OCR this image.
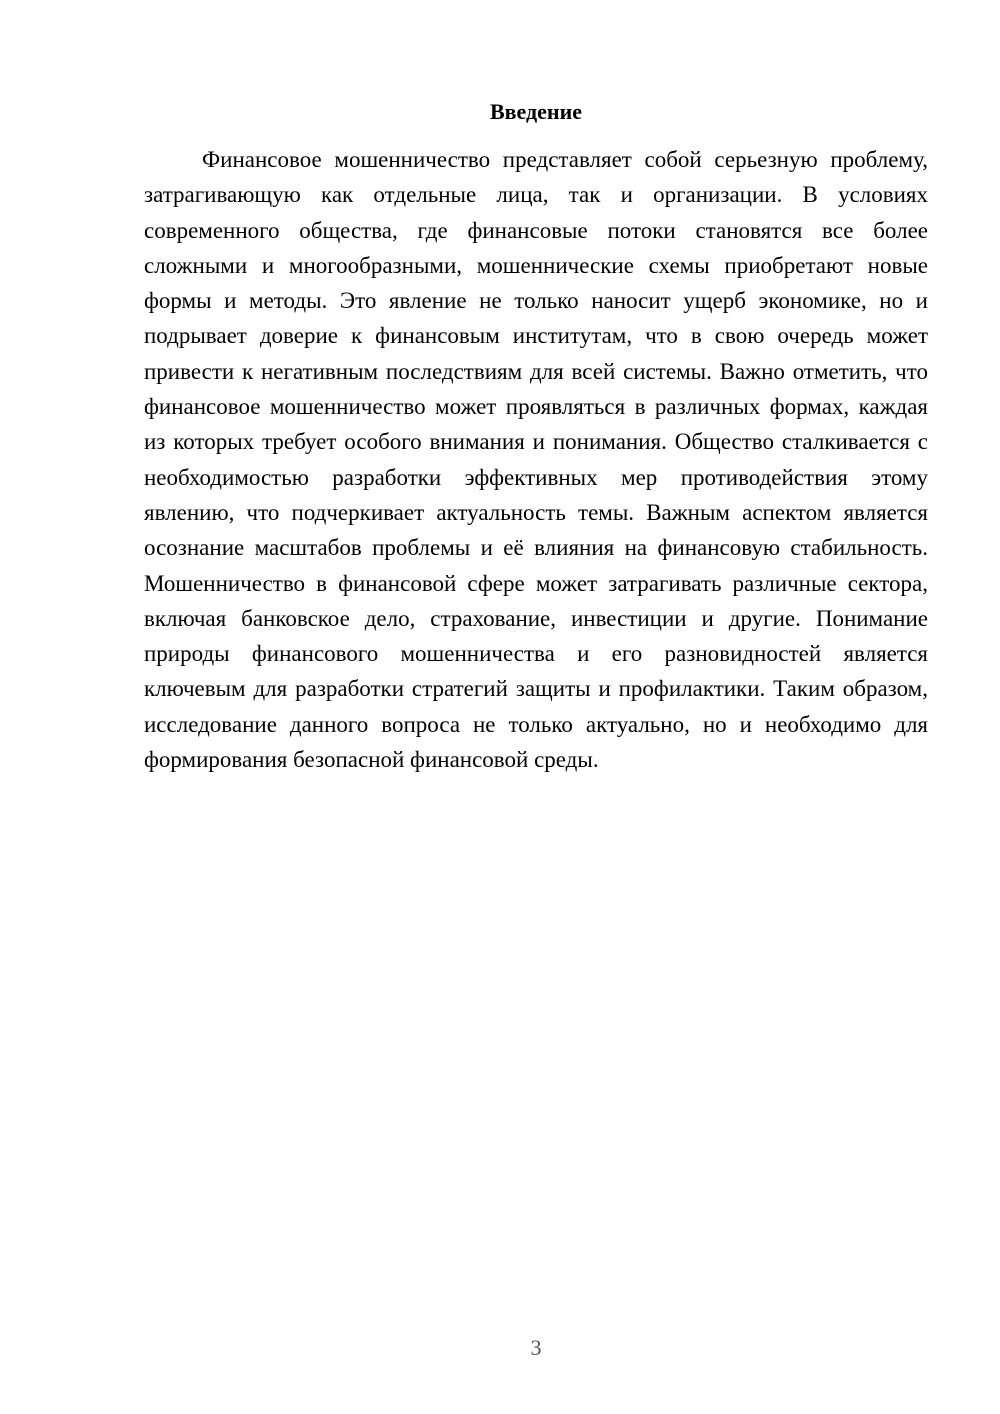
Введение

Финансовое мошенничество представляет собой серьезную проблему, затрагивающую как отдельные лица, так и организации. В условиях современного общества, где финансовые потоки становятся все более сложными и многообразными, мошеннические схемы приобретают новые формы и методы. Это явление не только наносит ущерб экономике, но и подрывает доверие к финансовым институтам, что в свою очередь может привести к негативным последствиям для всей системы. Важно отметить, что финансовое мошенничество может проявляться в различных формах, каждая из которых требует особого внимания и понимания. Общество сталкивается с необходимостью разработки эффективных мер противодействия этому явлению, что подчеркивает актуальность темы. Важным аспектом является осознание масштабов проблемы и её влияния на финансовую стабильность. Мошенничество в финансовой сфере может затрагивать различные сектора, включая банковское дело, страхование, инвестиции и другие. Понимание природы финансового мошенничества и его разновидностей является ключевым для разработки стратегий защиты и профилактики. Таким образом, исследование данного вопроса не только актуально, но и необходимо для формирования безопасной финансовой среды.

3
